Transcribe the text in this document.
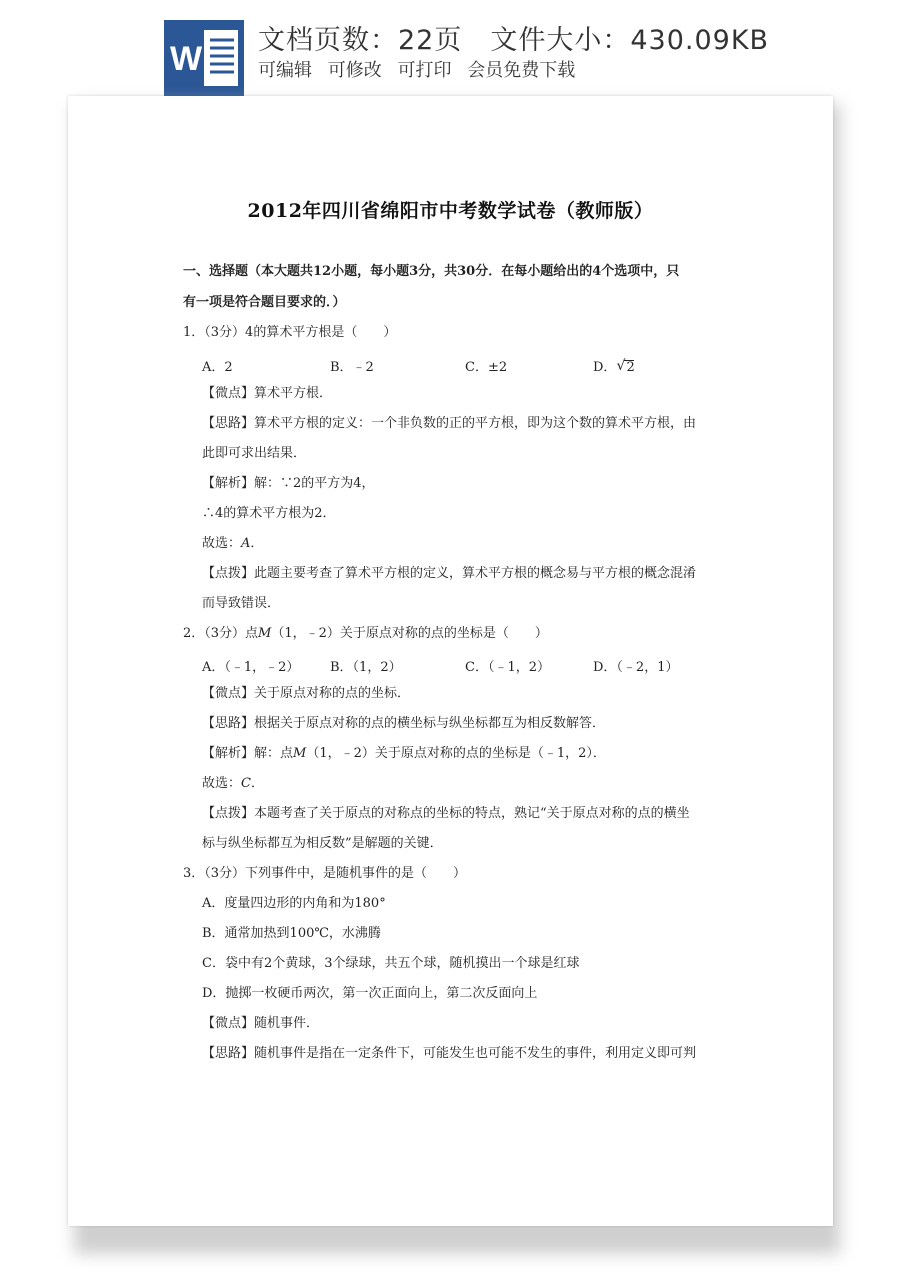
W 文档页数：22页 文件大小：430.09KB
可编辑 可修改 可打印 会员免费下载
2012年四川省绵阳市中考数学试卷（教师版）
一、选择题（本大题共12小题，每小题3分，共30分．在每小题给出的4个选项中，只
有一项是符合题目要求的．）
1．（3分）4的算术平方根是（　　）
A．2	B．﹣2	C．±2	D． √ 2
【微点】算术平方根．
【思路】算术平方根的定义：一个非负数的正的平方根，即为这个数的算术平方根，由
此即可求出结果．
【解析】解：∵2的平方为4，
∴4的算术平方根为2．
故选：A．
【点拨】此题主要考查了算术平方根的定义，算术平方根的概念易与平方根的概念混淆
而导致错误．
2．（3分）点M（1，﹣2）关于原点对称的点的坐标是（　　）
A．（﹣1，﹣2） B．（1，2）	C．（﹣1，2）	D．（﹣2，1）
【微点】关于原点对称的点的坐标．
【思路】根据关于原点对称的点的横坐标与纵坐标都互为相反数解答．
【解析】解：点M（1，﹣2）关于原点对称的点的坐标是（﹣1，2）．
故选：C．
【点拨】本题考查了关于原点的对称点的坐标的特点，熟记“关于原点对称的点的横坐
标与纵坐标都互为相反数”是解题的关键．
3．（3分）下列事件中，是随机事件的是（　　）
A．度量四边形的内角和为180°
B．通常加热到100℃，水沸腾
C．袋中有2个黄球，3个绿球，共五个球，随机摸出一个球是红球
D．抛掷一枚硬币两次，第一次正面向上，第二次反面向上
【微点】随机事件．
【思路】随机事件是指在一定条件下，可能发生也可能不发生的事件，利用定义即可判
